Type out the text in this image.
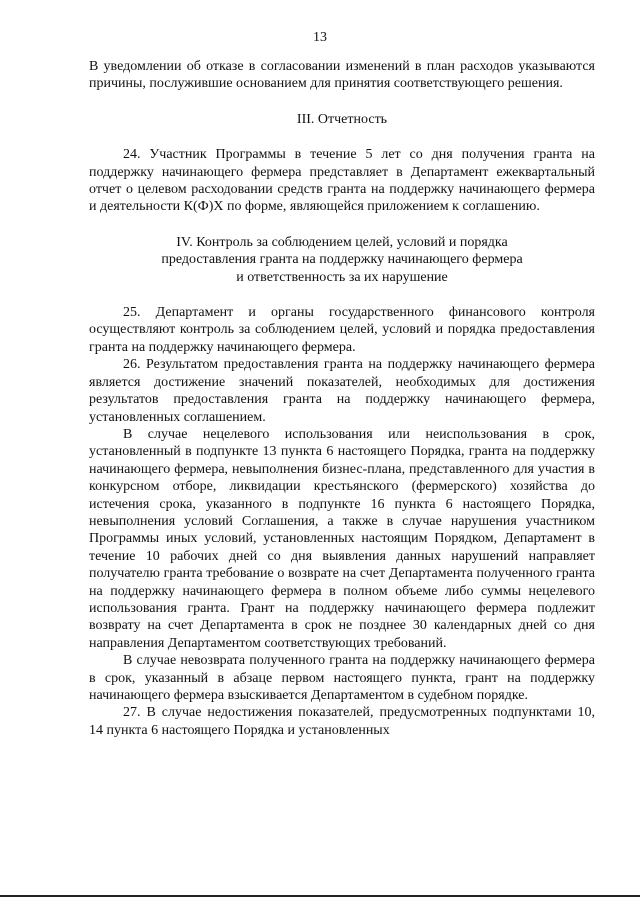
13

В уведомлении об отказе в согласовании изменений в план расходов указываются причины, послужившие основанием для принятия соответствующего решения.

III. Отчетность

24. Участник Программы в течение 5 лет со дня получения гранта на поддержку начинающего фермера представляет в Департамент ежеквартальный отчет о целевом расходовании средств гранта на поддержку начинающего фермера и деятельности К(Ф)Х по форме, являющейся приложением к соглашению.

IV. Контроль за соблюдением целей, условий и порядка

предоставления гранта на поддержку начинающего фермера

и ответственность за их нарушение

25. Департамент и органы государственного финансового контроля осуществляют контроль за соблюдением целей, условий и порядка предоставления гранта на поддержку начинающего фермера.

26. Результатом предоставления гранта на поддержку начинающего фермера является достижение значений показателей, необходимых для достижения результатов предоставления гранта на поддержку начинающего фермера, установленных соглашением.

В случае нецелевого использования или неиспользования в срок, установленный в подпункте 13 пункта 6 настоящего Порядка, гранта на поддержку начинающего фермера, невыполнения бизнес-плана, представленного для участия в конкурсном отборе, ликвидации крестьянского (фермерского) хозяйства до истечения срока, указанного в подпункте 16 пункта 6 настоящего Порядка, невыполнения условий Соглашения, а также в случае нарушения участником Программы иных условий, установленных настоящим Порядком, Департамент в течение 10 рабочих дней со дня выявления данных нарушений направляет получателю гранта требование о возврате на счет Департамента полученного гранта на поддержку начинающего фермера в полном объеме либо суммы нецелевого использования гранта. Грант на поддержку начинающего фермера подлежит возврату на счет Департамента в срок не позднее 30 календарных дней со дня направления Департаментом соответствующих требований.

В случае невозврата полученного гранта на поддержку начинающего фермера в срок, указанный в абзаце первом настоящего пункта, грант на поддержку начинающего фермера взыскивается Департаментом в судебном порядке.

27. В случае недостижения показателей, предусмотренных подпунктами 10, 14 пункта 6 настоящего Порядка и установленных
